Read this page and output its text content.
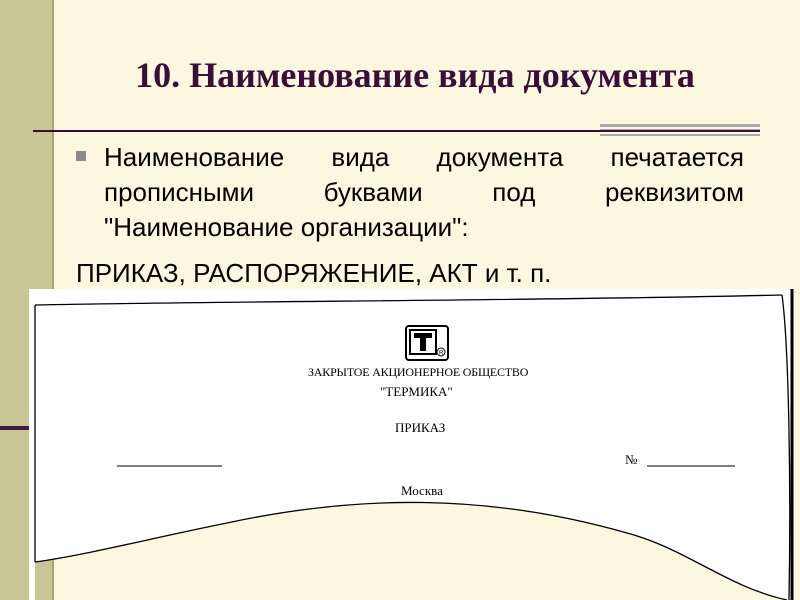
10. Наименование вида документа
Наименование вида документа печатается прописными буквами под реквизитом "Наименование организации":
ПРИКАЗ, РАСПОРЯЖЕНИЕ, АКТ и т. п.
R
ЗАКРЫТОЕ АКЦИОНЕРНОЕ ОБЩЕСТВО
"ТЕРМИКА"
ПРИКАЗ
№
Москва
